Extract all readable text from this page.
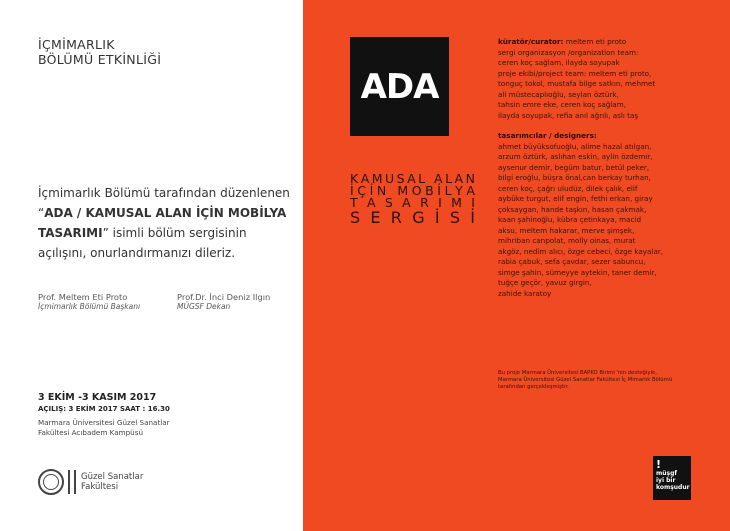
İÇMİMARLIK
BÖLÜMÜ ETKİNLİĞİ
İçmimarlık Bölümü tarafından düzenlenen “ADA / KAMUSAL ALAN İÇİN MOBİLYA TASARIMI” isimli bölüm sergisinin açılışını, onurlandırmanızı dileriz.
Prof. Meltem Eti Proto
İçmimarlık Bölümü Başkanı
Prof.Dr. İnci Deniz Ilgın
MÜGSF Dekan
3 EKİM -3 KASIM 2017
AÇILIŞ: 3 EKİM 2017 SAAT : 16.30
Marmara Üniversitesi Güzel Sanatlar
Fakültesi Acıbadem Kampüsü
Güzel Sanatlar
Fakültesi
ADA
K A M U S A L
A L A N
İ Ç İ N
M O B İ L Y A
T A S A R I M I
S E R G İ S İ
küratör/curator: meltem eti proto
sergi organizasyon /organization team:
ceren koç sağlam, ilayda soyupak
proje ekibi/project team: meltem eti proto,
tonguç tokol, mustafa bilge satkın, mehmet
ali müstecaplıoğlu, seylan öztürk,
tahsin emre eke, ceren koç sağlam,
ilayda soyupak, refia anıl ağrılı, aslı taş
tasarımcılar / designers:
ahmet büyüksofuoğlu, alime hazal atılgan,
arzum öztürk, aslıhan eskin, aylin özdemir,
aysenur demir, begüm batur, betül peker,
bilgi eroğlu, büşra önal,can berkay turhan,
ceren koç, çağrı uludüz, dilek çalık, elif
aybüke turgut, elif engin, fethi erkan, giray
çoksaygan, hande taşkın, hasan çakmak,
kaan şahinoğlu, kübra çetinkaya, macid
aksu, meltem hakarar, merve şimşek,
mihriban canpolat, molly oinas, murat
akgöz, nedim alıcı, özge cebeci, özge kayalar,
rabia çabuk, sefa çavdar, sezer sabuncu,
simge şahin, sümeyye aytekin, taner demir,
tuğçe geçör, yavuz girgin,
zahide karatoy
Bu proje Marmara Üniversitesi BAPKO Birimi 'nin desteğiyle,
Marmara Üniversitesi Güzel Sanatlar Fakültesi İç Mimarlık Bölümü
tarafından gerçekleşmiştir.
!
müşgf
iyi bir
komşudur
